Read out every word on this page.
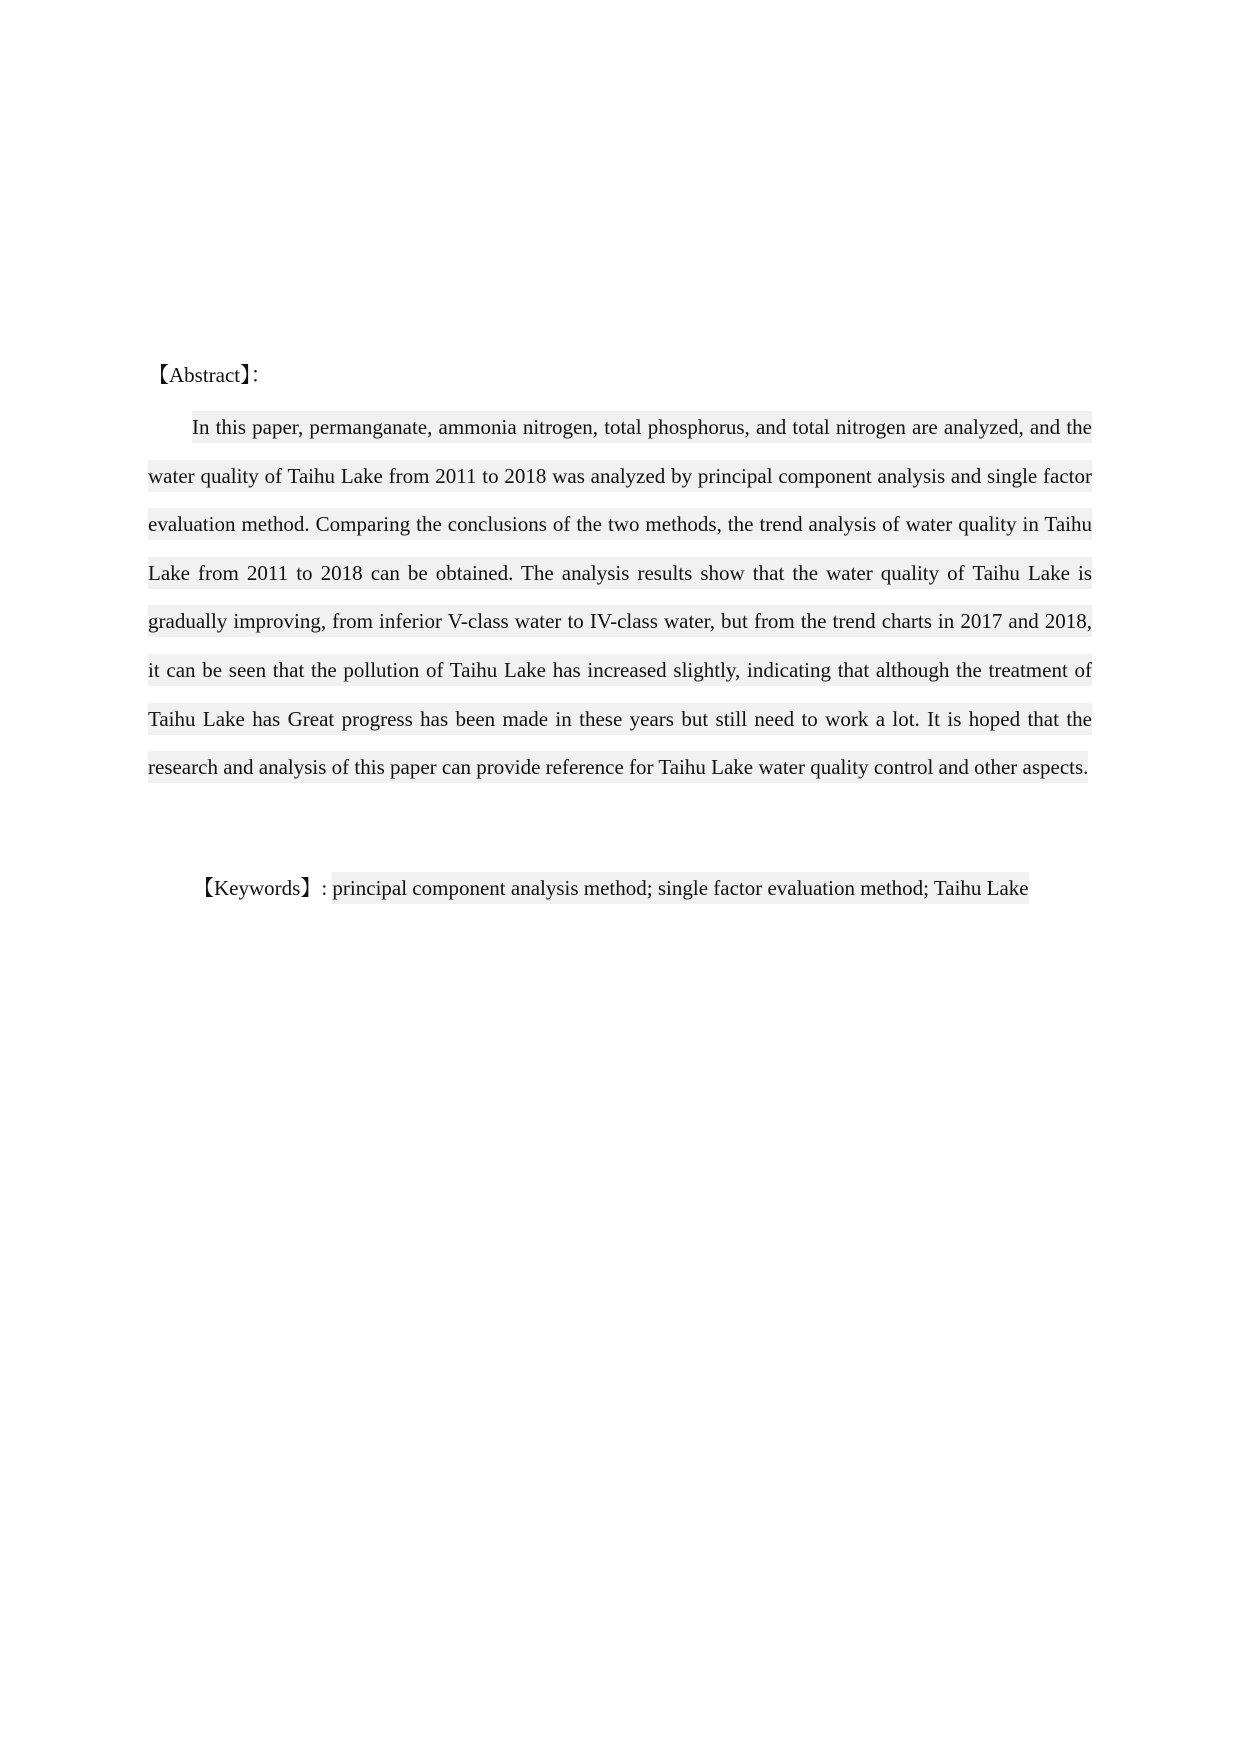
【Abstract】：

In this paper, permanganate, ammonia nitrogen, total phosphorus, and total nitrogen are analyzed, and the water quality of Taihu Lake from 2011 to 2018 was analyzed by principal component analysis and single factor evaluation method. Comparing the conclusions of the two methods, the trend analysis of water quality in Taihu Lake from 2011 to 2018 can be obtained. The analysis results show that the water quality of Taihu Lake is gradually improving, from inferior V-class water to IV-class water, but from the trend charts in 2017 and 2018, it can be seen that the pollution of Taihu Lake has increased slightly, indicating that although the treatment of Taihu Lake has Great progress has been made in these years but still need to work a lot. It is hoped that the research and analysis of this paper can provide reference for Taihu Lake water quality control and other aspects.

【Keywords】: principal component analysis method; single factor evaluation method; Taihu Lake
